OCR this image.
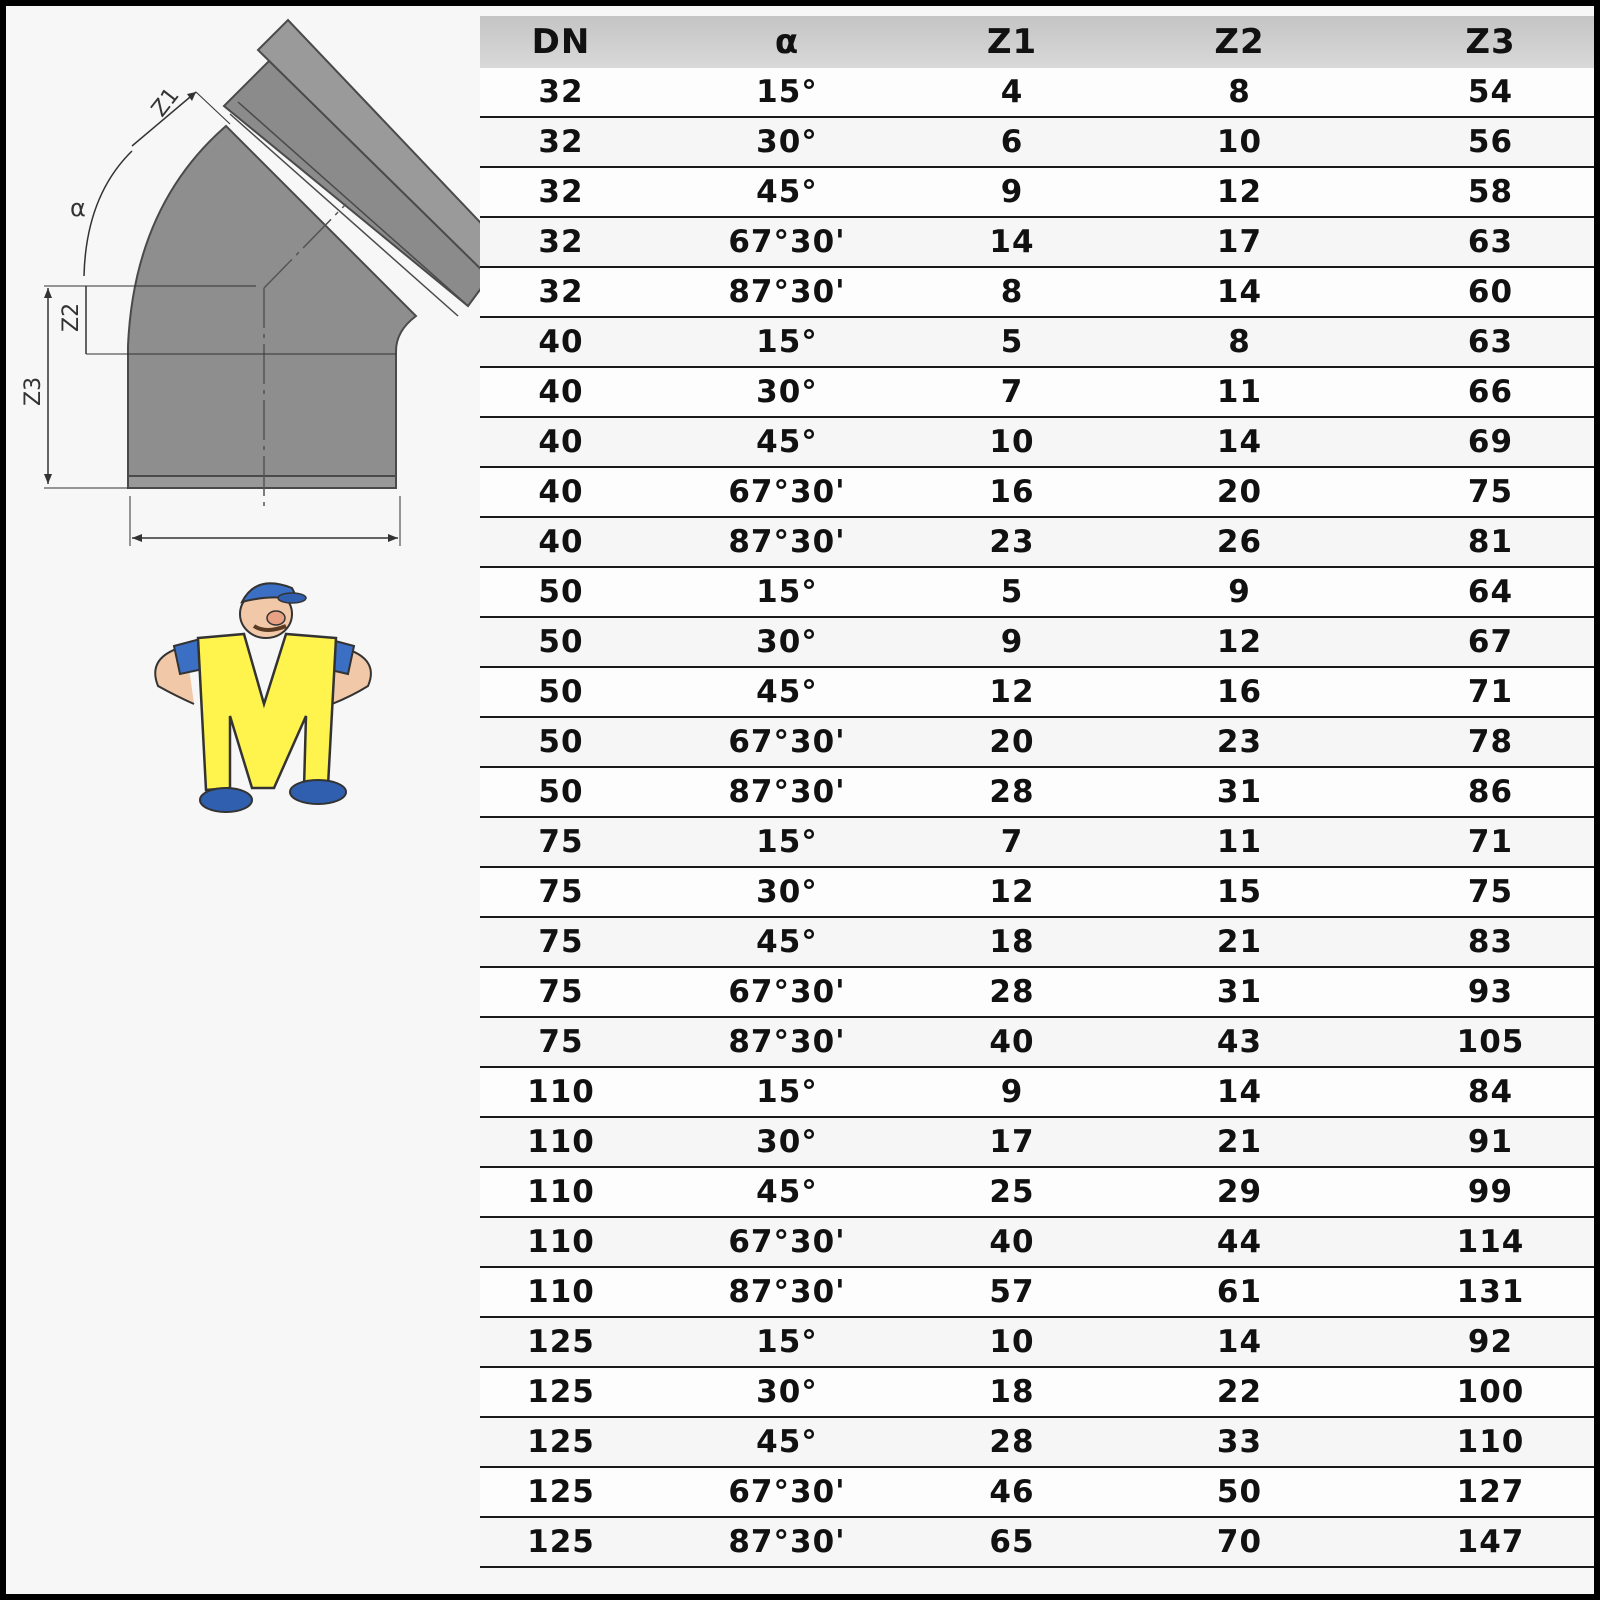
Z1
α
Z2
Z3
DN	α	Z1	Z2	Z3
32	15°	4	8	54
32	30°	6	10	56
32	45°	9	12	58
32	67°30'	14	17	63
32	87°30'	8	14	60
40	15°	5	8	63
40	30°	7	11	66
40	45°	10	14	69
40	67°30'	16	20	75
40	87°30'	23	26	81
50	15°	5	9	64
50	30°	9	12	67
50	45°	12	16	71
50	67°30'	20	23	78
50	87°30'	28	31	86
75	15°	7	11	71
75	30°	12	15	75
75	45°	18	21	83
75	67°30'	28	31	93
75	87°30'	40	43	105
110	15°	9	14	84
110	30°	17	21	91
110	45°	25	29	99
110	67°30'	40	44	114
110	87°30'	57	61	131
125	15°	10	14	92
125	30°	18	22	100
125	45°	28	33	110
125	67°30'	46	50	127
125	87°30'	65	70	147
